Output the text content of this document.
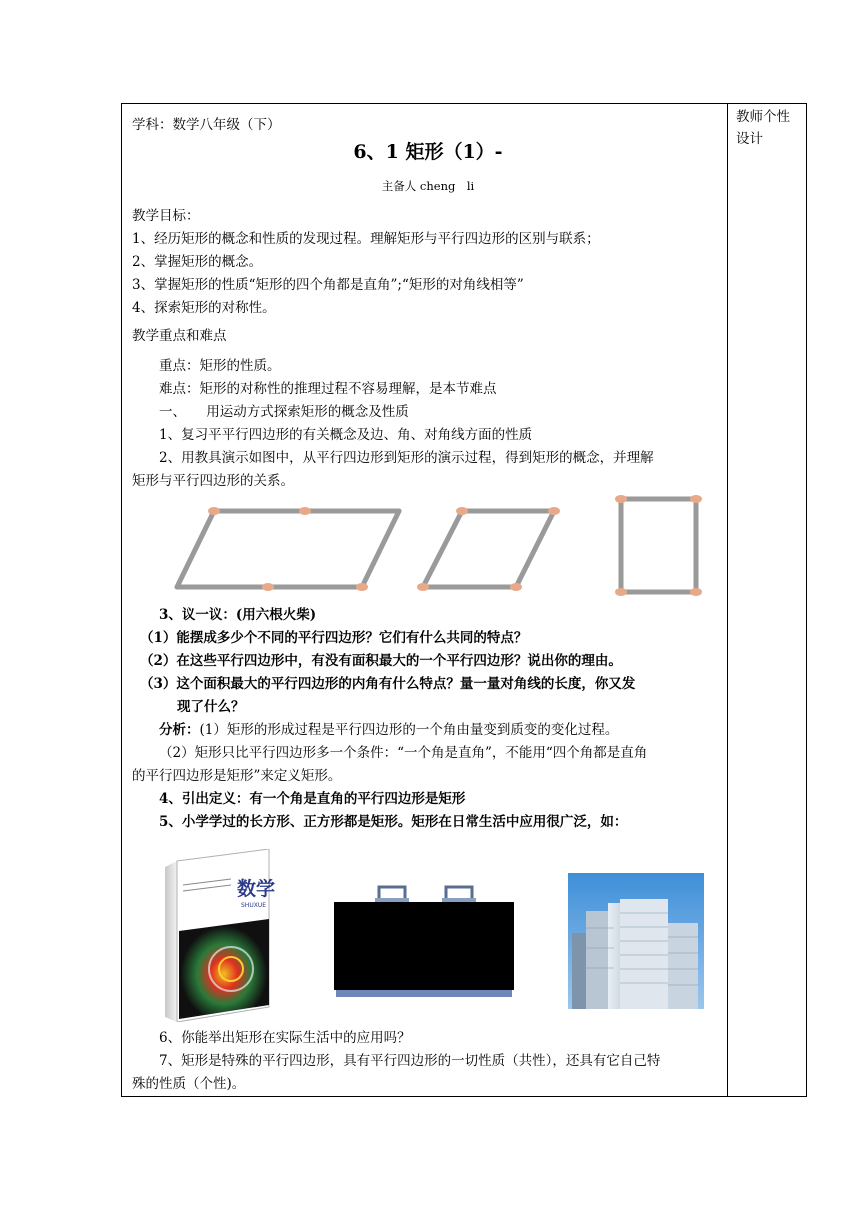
教师个性设计
学科：数学八年级（下）
6、1 矩形（1）-
主备人 cheng　li
教学目标：
1、经历矩形的概念和性质的发现过程。理解矩形与平行四边形的区别与联系；
2、掌握矩形的概念。
3、掌握矩形的性质“矩形的四个角都是直角”;“矩形的对角线相等”
4、探索矩形的对称性。
教学重点和难点
重点：矩形的性质。
难点：矩形的对称性的推理过程不容易理解，是本节难点
一、　　用运动方式探索矩形的概念及性质
1、复习平平行四边形的有关概念及边、角、对角线方面的性质
2、用教具演示如图中，从平行四边形到矩形的演示过程，得到矩形的概念，并理解
矩形与平行四边形的关系。
3、议一议：(用六根火柴)
（1）能摆成多少个不同的平行四边形？它们有什么共同的特点？
（2）在这些平行四边形中，有没有面积最大的一个平行四边形？说出你的理由。
（3）这个面积最大的平行四边形的内角有什么特点？量一量对角线的长度，你又发
现了什么？
分析：(1）矩形的形成过程是平行四边形的一个角由量变到质变的变化过程。
（2）矩形只比平行四边形多一个条件：“一个角是直角”，不能用“四个角都是直角
的平行四边形是矩形”来定义矩形。
4、引出定义：有一个角是直角的平行四边形是矩形
5、小学学过的长方形、正方形都是矩形。矩形在日常生活中应用很广泛，如：
数学
SHUXUE
6、你能举出矩形在实际生活中的应用吗？
7、矩形是特殊的平行四边形，具有平行四边形的一切性质（共性），还具有它自己特
殊的性质（个性)。
